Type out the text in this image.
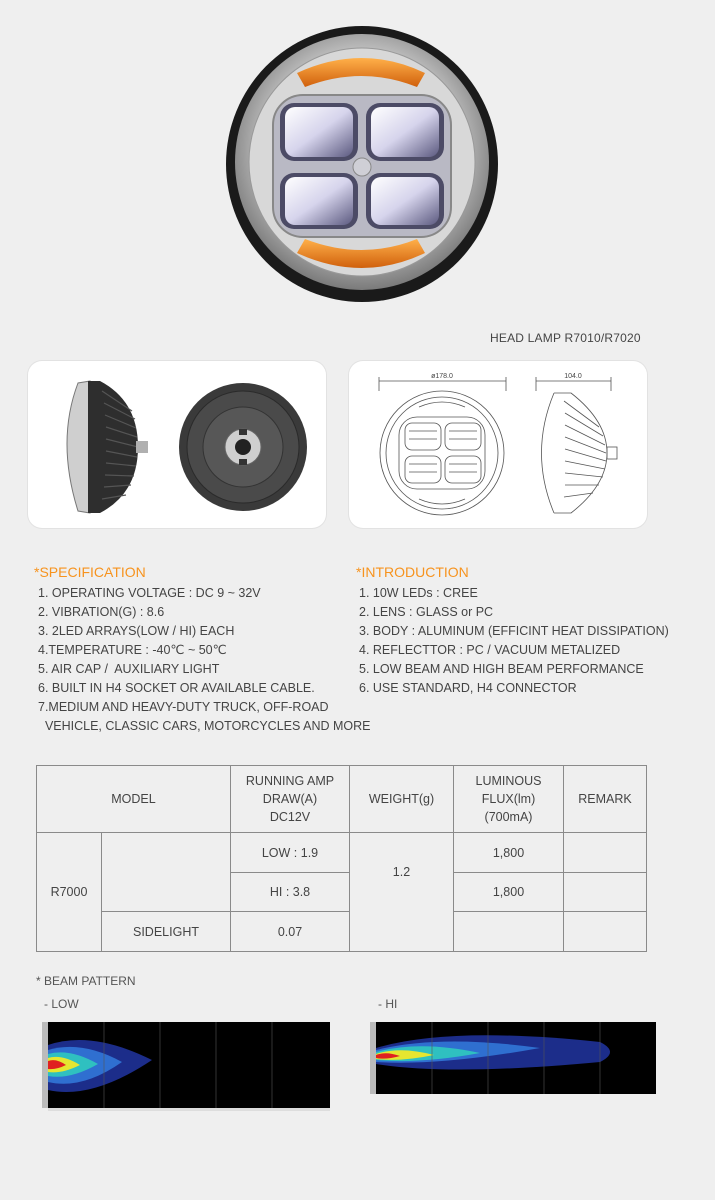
HEAD LAMP R7010/R7020
ø178.0	104.0
*SPECIFICATION
1. OPERATING VOLTAGE : DC 9 ~ 32V
2. VIBRATION(G) : 8.6
3. 2LED ARRAYS(LOW / HI) EACH
4.TEMPERATURE : -40℃ ~ 50℃
5. AIR CAP /  AUXILIARY LIGHT
6. BUILT IN H4 SOCKET OR AVAILABLE CABLE.
7.MEDIUM AND HEAVY-DUTY TRUCK, OFF-ROAD
VEHICLE, CLASSIC CARS, MOTORCYCLES AND MORE
*INTRODUCTION
1. 10W LEDs : CREE
2. LENS : GLASS or PC
3. BODY : ALUMINUM (EFFICINT HEAT DISSIPATION)
4. REFLECTTOR : PC / VACUUM METALIZED
5. LOW BEAM AND HIGH BEAM PERFORMANCE
6. USE STANDARD, H4 CONNECTOR
MODEL		RUNNING AMP DRAW(A) DC12V	WEIGHT(g)	LUMINOUS FLUX(lm) (700mA)	REMARK
R7000		LOW : 1.9	1.2	1,800	
		HI : 3.8		1,800	
	SIDELIGHT	0.07			
* BEAM PATTERN
- LOW	- HI
